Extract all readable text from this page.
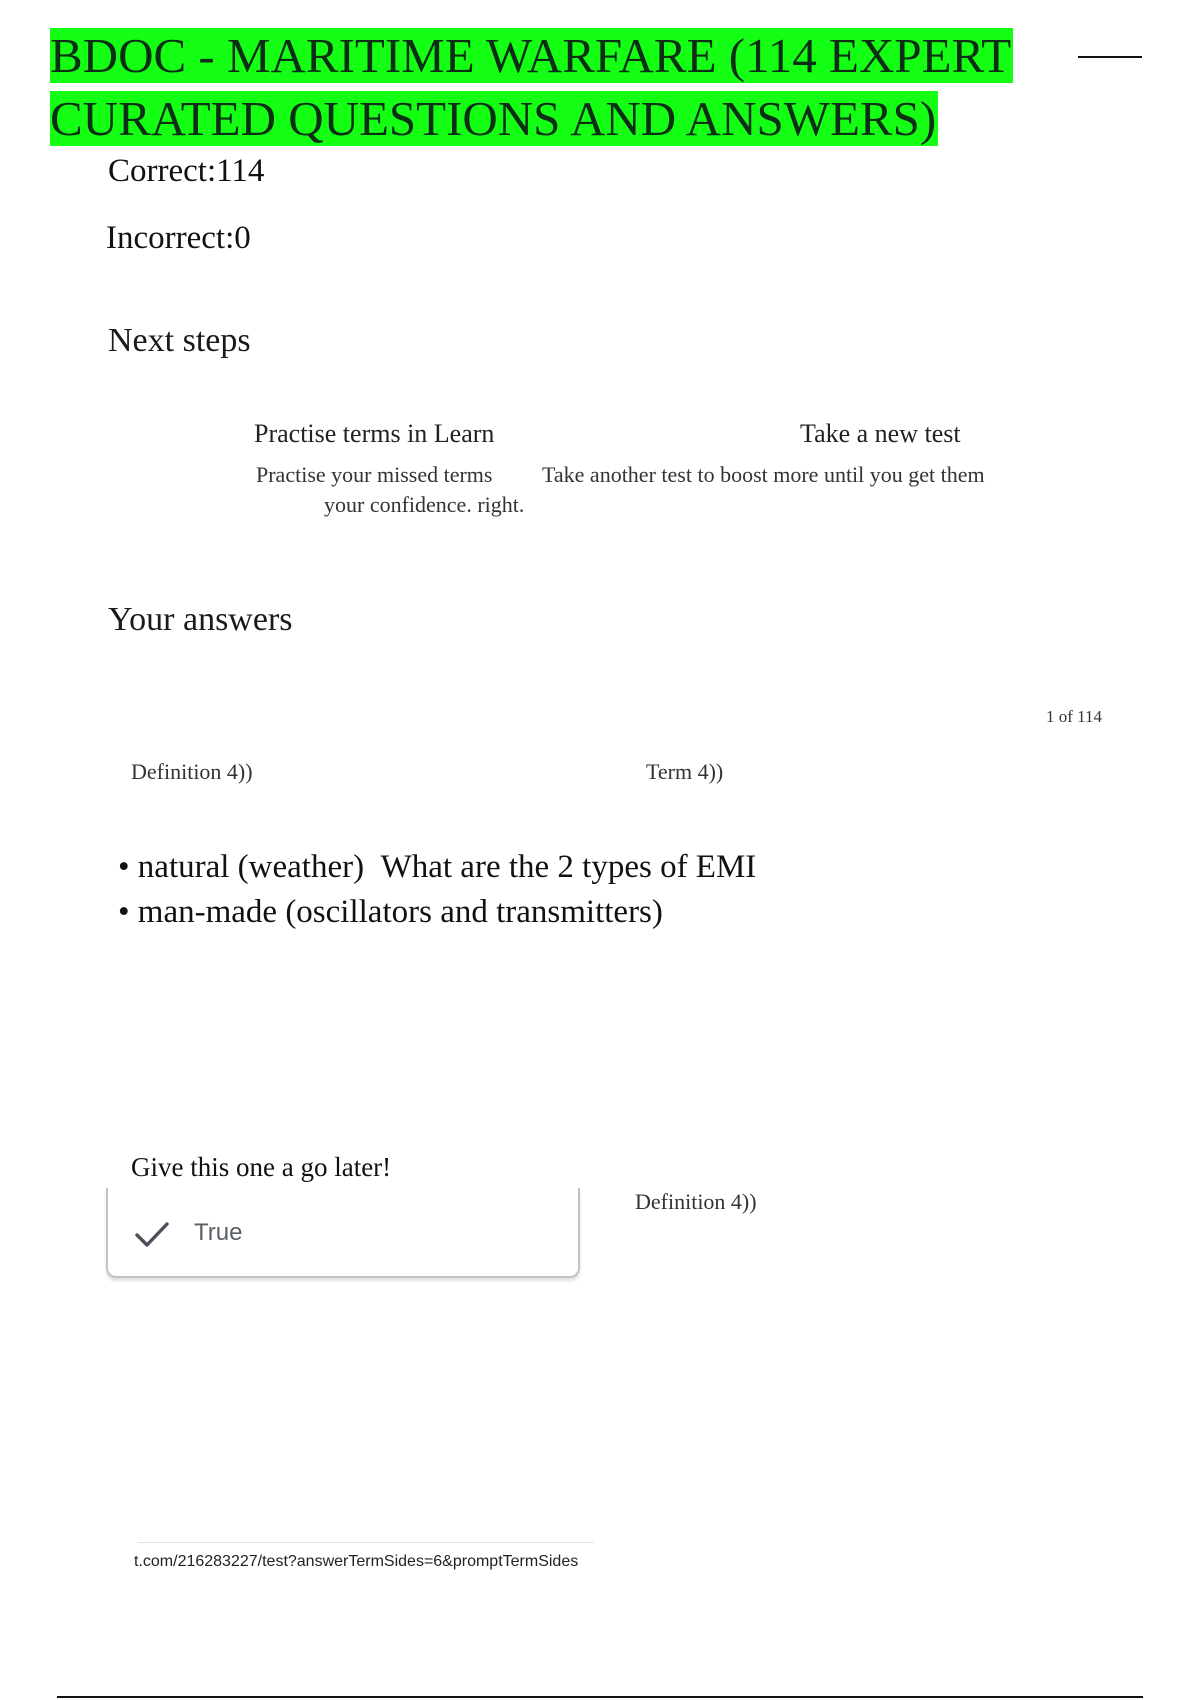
BDOC - MARITIME WARFARE (114 EXPERT
CURATED QUESTIONS AND ANSWERS)
Correct:114
Incorrect:0
Next steps
Practise terms in Learn
Practise your missed terms
your confidence. right.
Take a new test
Take another test to boost more until you get them
Your answers
1 of 114
Definition 4))	Term 4))
• natural (weather) What are the 2 types of EMI
• man-made (oscillators and transmitters)
Give this one a go later!
True
Definition 4))
t.com/216283227/test?answerTermSides=6&promptTermSides
